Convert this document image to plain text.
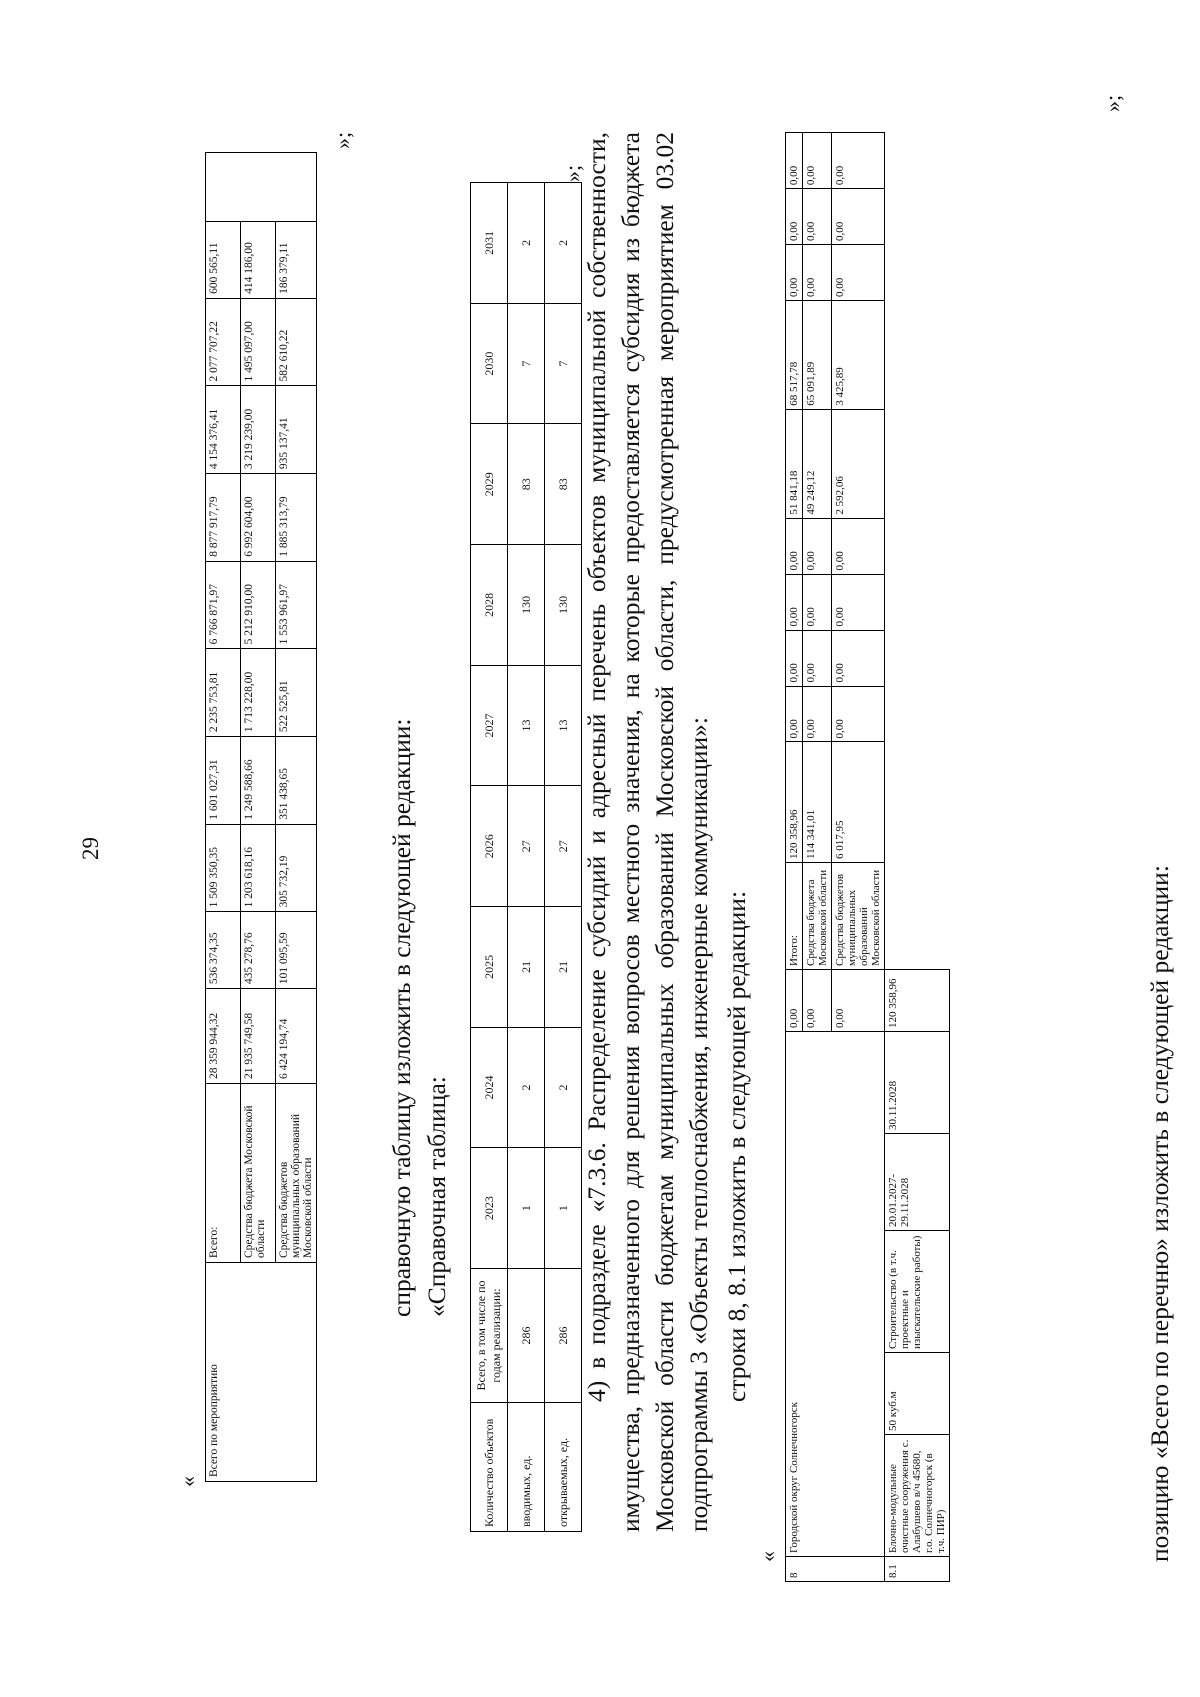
29
«
Всего по мероприятию	Всего:	28 359 944,32	536 374,35	1 509 350,35	1 601 027,31	2 235 753,81	6 766 871,97	8 877 917,79	4 154 376,41	2 077 707,22	600 565,11	
	Средства бюджета Московской области	21 935 749,58	435 278,76	1 203 618,16	1 249 588,66	1 713 228,00	5 212 910,00	6 992 604,00	3 219 239,00	1 495 097,00	414 186,00	
	Средства бюджетов муниципальных образований Московской области	6 424 194,74	101 095,59	305 732,19	351 438,65	522 525,81	1 553 961,97	1 885 313,79	935 137,41	582 610,22	186 379,11	
»;
справочную таблицу изложить в следующей редакции: «Справочная таблица:
Количество объектов	Всего, в том числе по годам реализации:	2023	2024	2025	2026	2027	2028	2029	2030	2031
вводимых, ед.	286	1	2	21	27	13	130	83	7	2
открываемых, ед.	286	1	2	21	27	13	130	83	7	2
»;
4) в подразделе «7.3.6. Распределение субсидий и адресный перечень объектов муниципальной собственности, имущества, предназначенного для решения вопросов местного значения, на которые предоставляется субсидия из бюджета Московской области бюджетам муниципальных образований Московской области, предусмотренная мероприятием 03.02 подпрограммы 3 «Объекты теплоснабжения, инженерные коммуникации»: строки 8, 8.1 изложить в следующей редакции:
«
8	Городской округ Солнечногорск					0,00	Итого:	120 358,96	0,00	0,00	0,00	0,00	51 841,18	68 517,78	0,00	0,00	0,00
						0,00	Средства бюджета Московской области	114 341,01	0,00	0,00	0,00	0,00	49 249,12	65 091,89	0,00	0,00	0,00
						0,00	Средства бюджетов муниципальных образований Московской области	6 017,95	0,00	0,00	0,00	0,00	2 592,06	3 425,89	0,00	0,00	0,00
8.1	Блочно-модульные очистные сооружения с. Алабушево в/ч 45680, г.о. Солнечногорск (в т.ч. ПИР)	50 куб.м	Строительство (в т.ч. проектные и изыскательские работы)	20.01.2027-29.11.2028	30.11.2028	120 358,96											
»;
позицию «Всего по перечню» изложить в следующей редакции:
